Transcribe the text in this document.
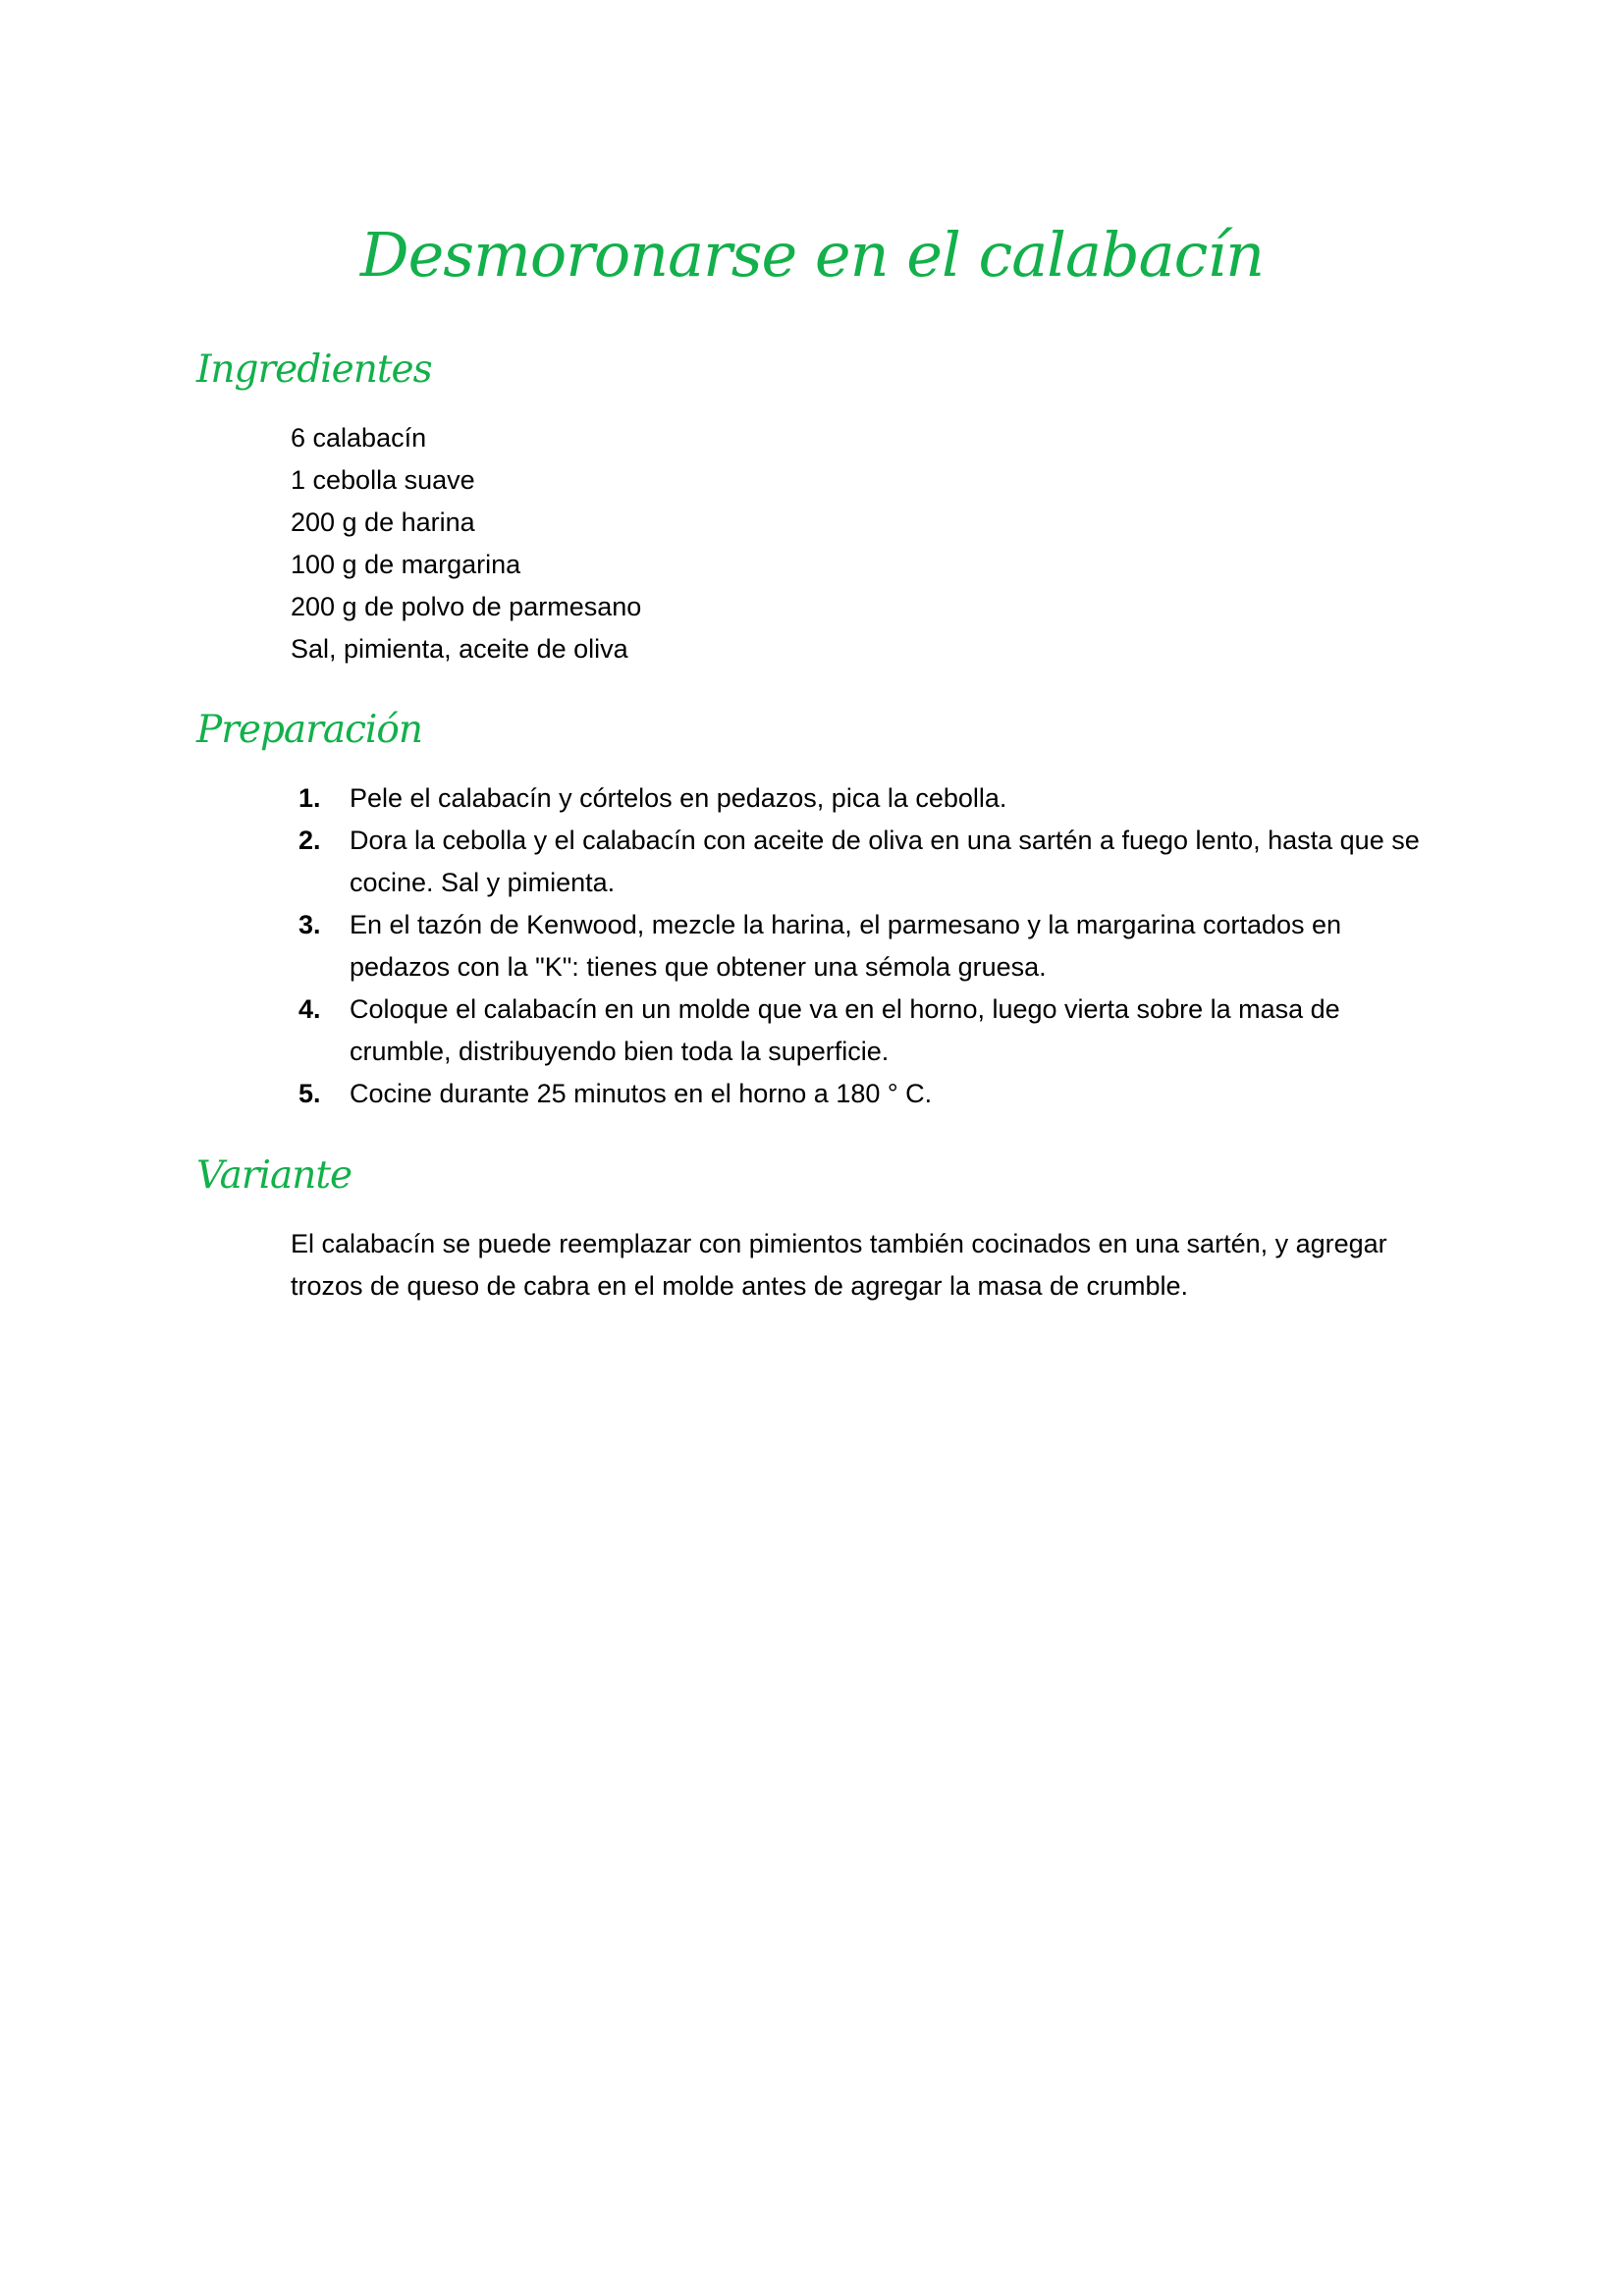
Desmoronarse en el calabacín
Ingredientes
6 calabacín
1 cebolla suave
200 g de harina
100 g de margarina
200 g de polvo de parmesano
Sal, pimienta, aceite de oliva
Preparación
1. Pele el calabacín y córtelos en pedazos, pica la cebolla.
2. Dora la cebolla y el calabacín con aceite de oliva en una sartén a fuego lento, hasta que se cocine. Sal y pimienta.
3. En el tazón de Kenwood, mezcle la harina, el parmesano y la margarina cortados en pedazos con la "K": tienes que obtener una sémola gruesa.
4. Coloque el calabacín en un molde que va en el horno, luego vierta sobre la masa de crumble, distribuyendo bien toda la superficie.
5. Cocine durante 25 minutos en el horno a 180 ° C.
Variante

El calabacín se puede reemplazar con pimientos también cocinados en una sartén, y agregar trozos de queso de cabra en el molde antes de agregar la masa de crumble.
